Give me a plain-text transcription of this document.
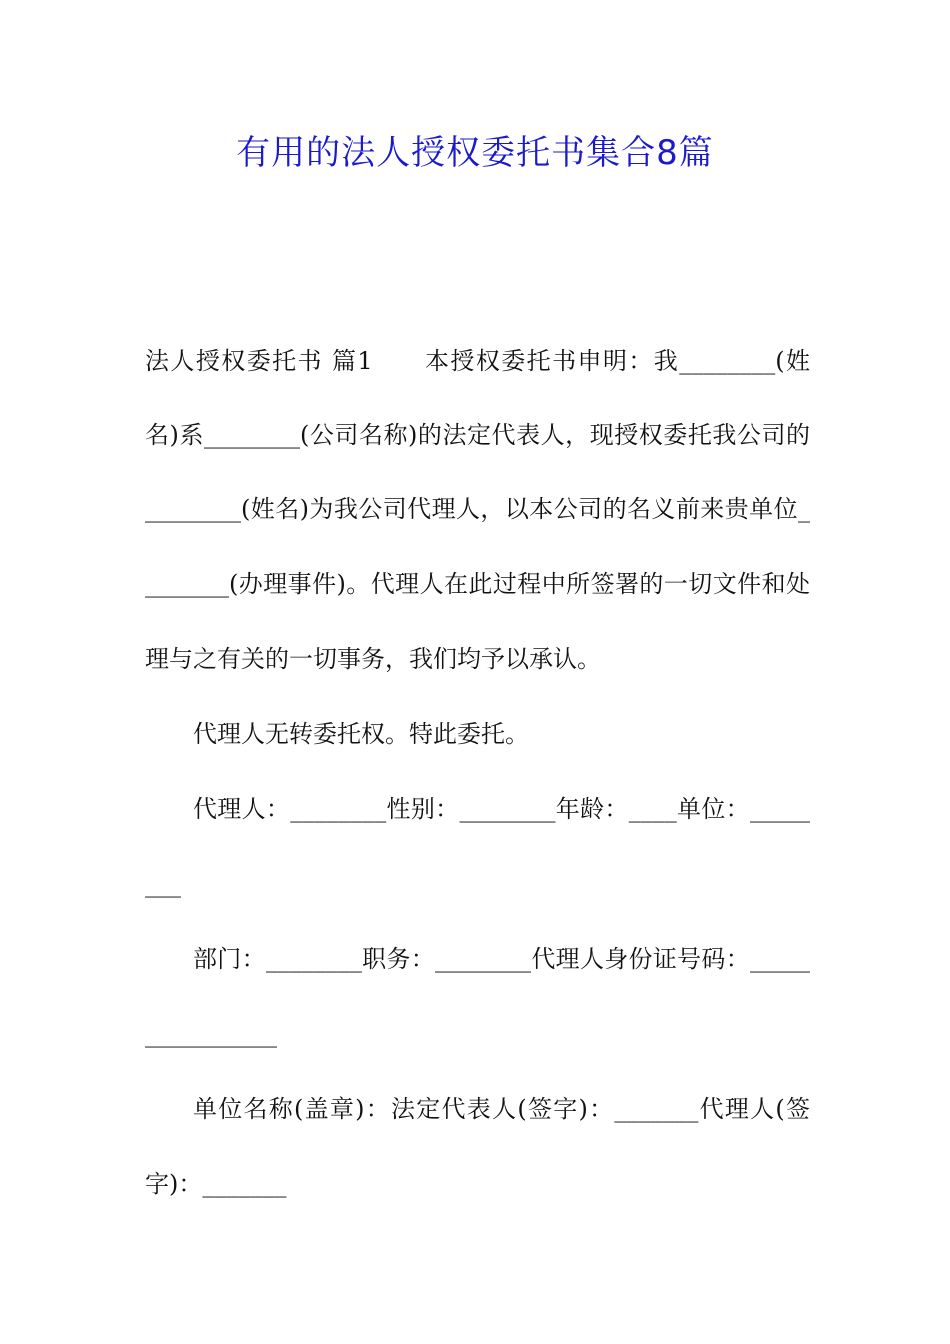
有用的法人授权委托书集合8篇

法人授权委托书 篇1　　本授权委托书申明：我________(姓

名)系________(公司名称)的法定代表人，现授权委托我公司的

________(姓名)为我公司代理人，以本公司的名义前来贵单位_

_______(办理事件)。代理人在此过程中所签署的一切文件和处

理与之有关的一切事务，我们均予以承认。

代理人无转委托权。特此委托。

代理人：________性别：________年龄：____单位：_____

___

部门：________职务：________代理人身份证号码：_____

___________

单位名称(盖章)：法定代表人(签字)：_______代理人(签

字)：_______
